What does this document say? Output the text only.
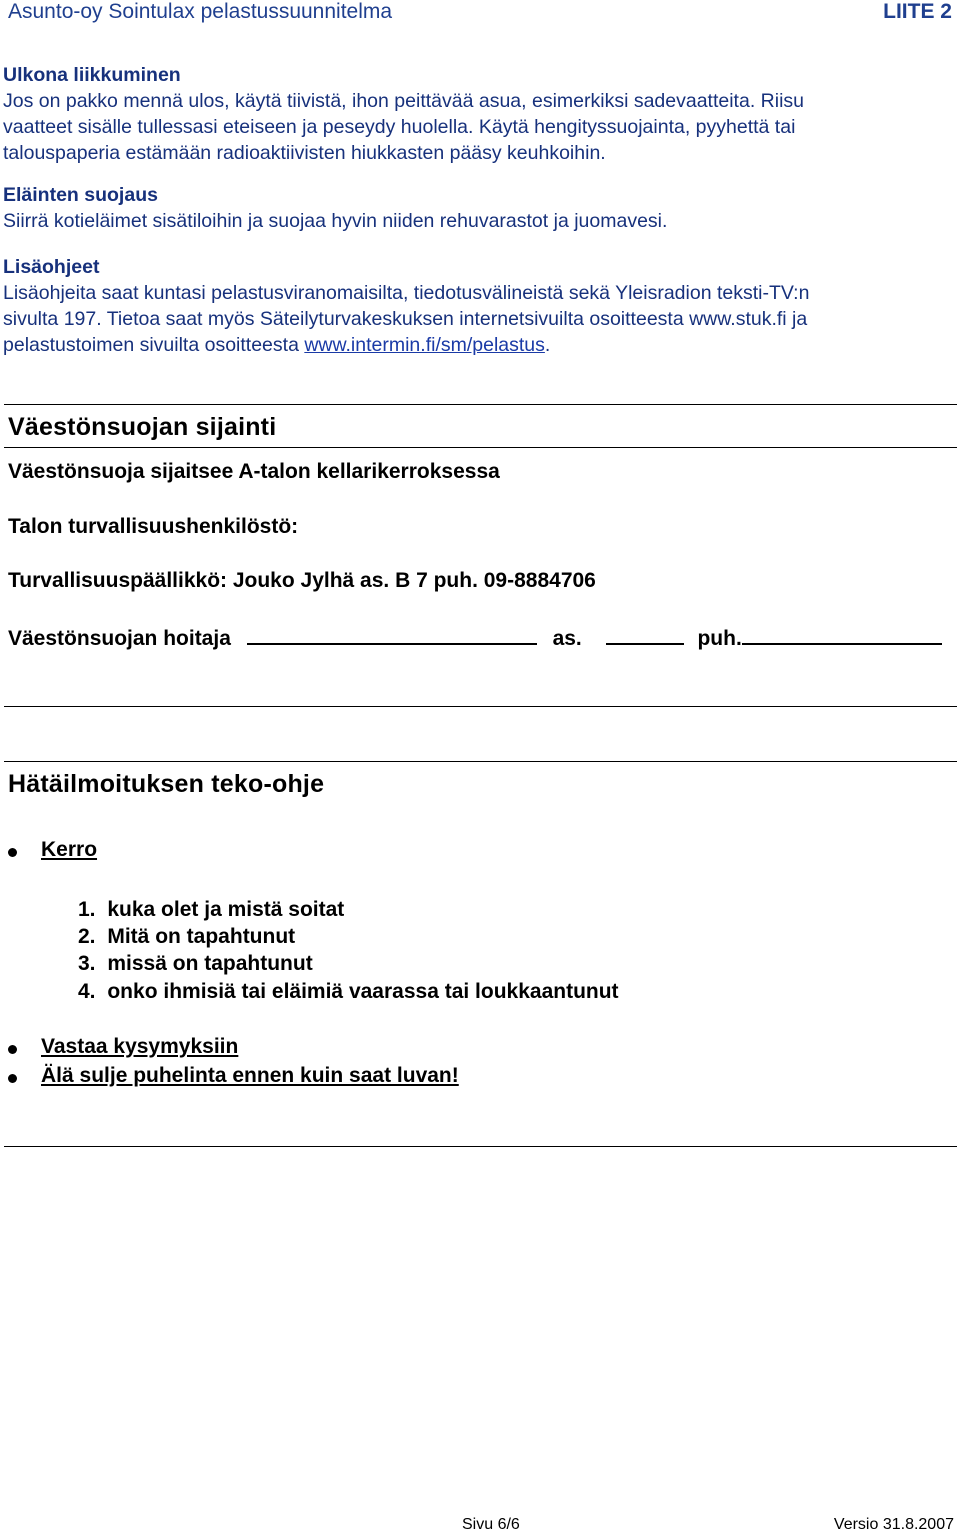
Asunto-oy Sointulax pelastussuunnitelma	LIITE 2

Ulkona liikkuminen

Jos on pakko mennä ulos, käytä tiivistä, ihon peittävää asua, esimerkiksi sadevaatteita. Riisu

vaatteet sisälle tullessasi eteiseen ja peseydy huolella. Käytä hengityssuojainta, pyyhettä tai

talouspaperia estämään radioaktiivisten hiukkasten pääsy keuhkoihin.

Eläinten suojaus

Siirrä kotieläimet sisätiloihin ja suojaa hyvin niiden rehuvarastot ja juomavesi.

Lisäohjeet

Lisäohjeita saat kuntasi pelastusviranomaisilta, tiedotusvälineistä sekä Yleisradion teksti-TV:n

sivulta 197. Tietoa saat myös Säteilyturvakeskuksen internetsivuilta osoitteesta www.stuk.fi ja

pelastustoimen sivuilta osoitteesta www.intermin.fi/sm/pelastus.

Väestönsuojan sijainti
Väestönsuoja sijaitsee A-talon kellarikerroksessa
Talon turvallisuushenkilöstö:
Turvallisuuspäällikkö: Jouko Jylhä as. B 7 puh. 09-8884706
Väestönsuojan hoitaja	as.	puh.
Hätäilmoituksen teko-ohje
Kerro
1. kuka olet ja mistä soitat
2. Mitä on tapahtunut
3. missä on tapahtunut
4. onko ihmisiä tai eläimiä vaarassa tai loukkaantunut
Vastaa kysymyksiin
Älä sulje puhelinta ennen kuin saat luvan!
Sivu 6/6	Versio 31.8.2007
